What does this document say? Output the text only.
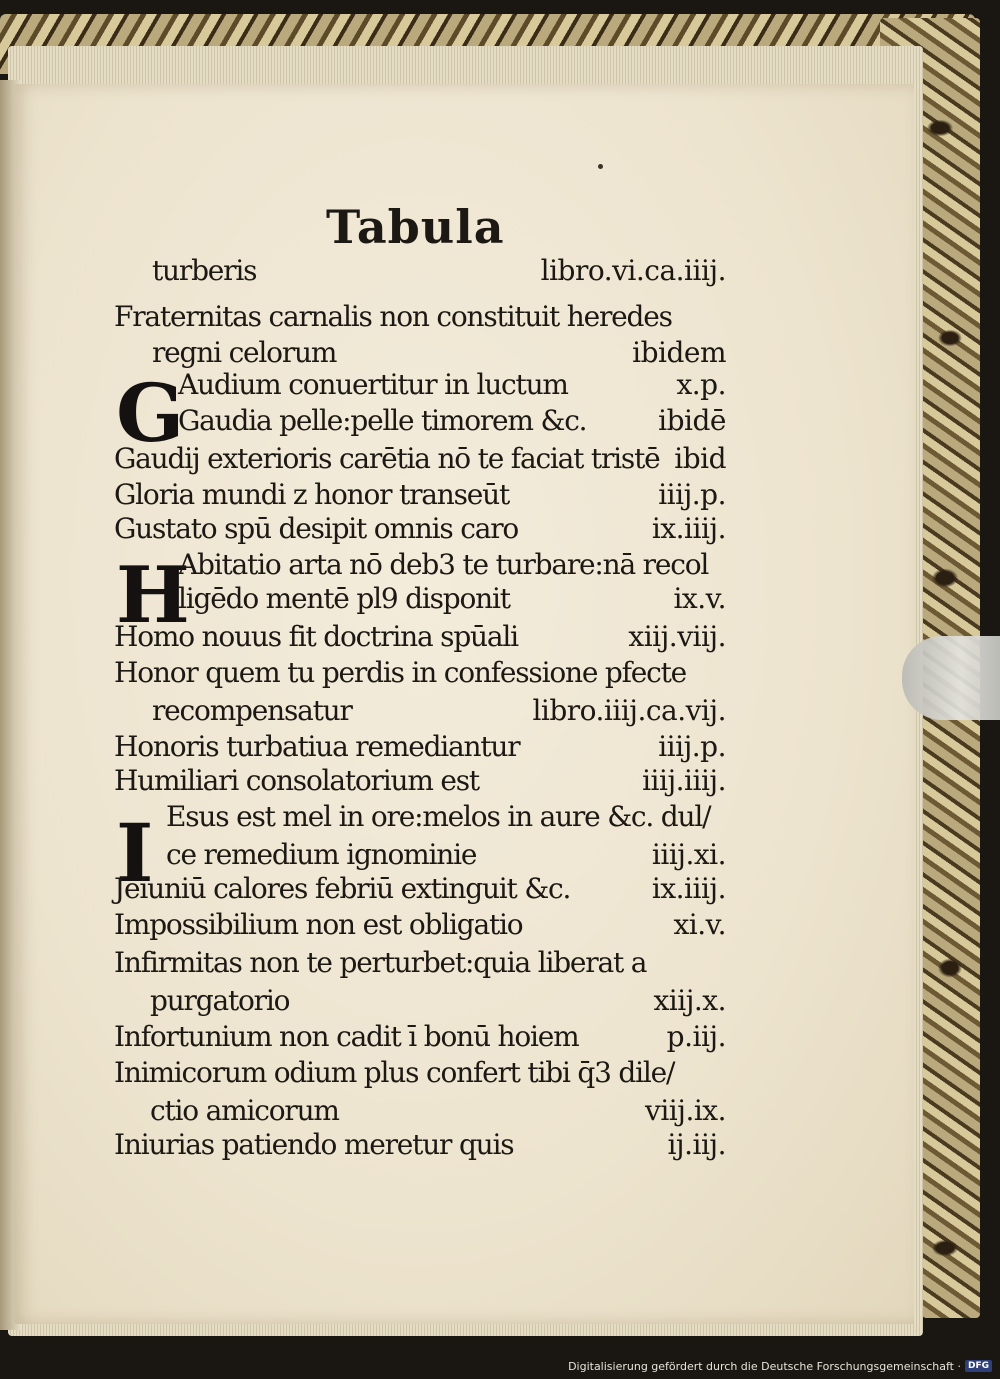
Tabula
G
H
I
turberis	libro.vi.ca.iiij.
Fraternitas carnalis non constituit heredes
regni celorum	ibidem
Audium conuertitur in luctum	x.p.
Gaudia pelle:pelle timorem &c.	ibidē
Gaudij exterioris carētia nō te faciat tristē ibid
Gloria mundi z honor transeūt	iiij.p.
Gustato spū desipit omnis caro	ix.iiij.
Abitatio arta nō deb3 te turbare:nā recol
ligēdo mentē pl9 disponit	ix.v.
Homo nouus fit doctrina spūali	xiij.viij.
Honor quem tu perdis in confessione pfecte
recompensatur	libro.iiij.ca.vij.
Honoris turbatiua remediantur	iiij.p.
Humiliari consolatorium est	iiij.iiij.
Esus est mel in ore:melos in aure &c. dul/
ce remedium ignominie	iiij.xi.
Jeiuniū calores febriū extinguit &c.	ix.iiij.
Impossibilium non est obligatio	xi.v.
Infirmitas non te perturbet:quia liberat a
purgatorio	xiij.x.
Infortunium non cadit ī bonū hoiem	p.iij.
Inimicorum odium plus confert tibi q̄3 dile/
ctio amicorum	viij.ix.
Iniurias patiendo meretur quis	ij.iij.
Digitalisierung gefördert durch die Deutsche Forschungsgemeinschaft · DFG
